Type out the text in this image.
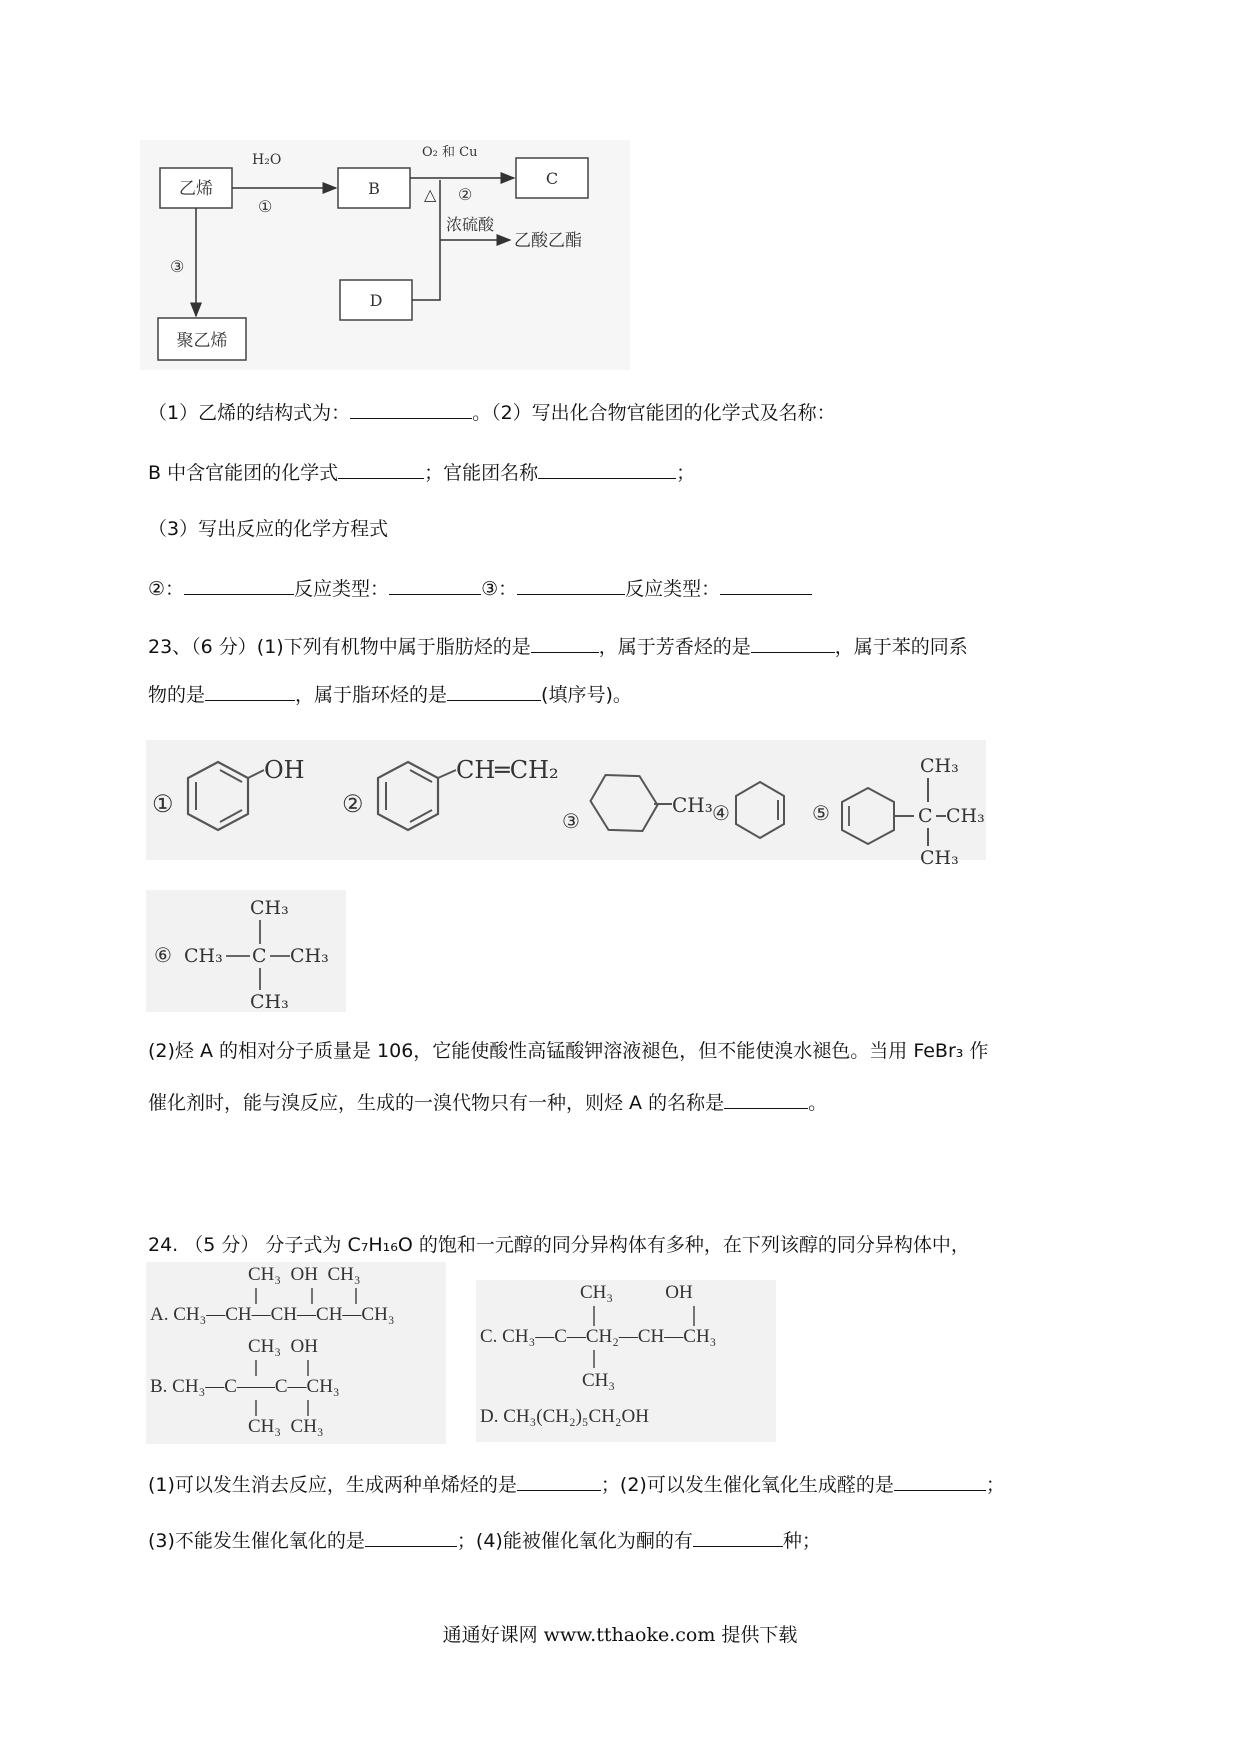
乙烯	B
C
D
聚乙烯
H₂O
①
O₂ 和 Cu
△ ②
③
浓硫酸
乙酸乙酯
（1）乙烯的结构式为：	。（2）写出化合物官能团的化学式及名称：
B 中含官能团的化学式	；官能团名称	；
（3）写出反应的化学方程式
②：	反应类型：	③：	反应类型：
23、（6 分）(1)下列有机物中属于脂肪烃的是	，属于芳香烃的是	，属于苯的同系
物的是	，属于脂环烃的是	(填序号)。
①
OH
②
CH═CH₂
③
CH₃ ④	⑤
CH₃
C CH₃
CH₃
⑥
CH₃
CH₃ C CH₃
CH₃
(2)烃 A 的相对分子质量是 106，它能使酸性高锰酸钾溶液褪色，但不能使溴水褪色。当用 FeBr₃ 作
催化剂时，能与溴反应，生成的一溴代物只有一种，则烃 A 的名称是	。
24. （5 分） 分子式为 C₇H₁₆O 的饱和一元醇的同分异构体有多种，在下列该醇的同分异构体中，
CH₃  OH  CH₃
A. CH₃—CH—CH—CH—CH₃
CH₃  OH
B. CH₃—C——C—CH₃
CH₃  CH₃
CH₃           OH
C. CH₃—C—CH₂—CH—CH₃
CH₃
D. CH₃(CH₂)₅CH₂OH
(1)可以发生消去反应，生成两种单烯烃的是	；(2)可以发生催化氧化生成醛的是	；
(3)不能发生催化氧化的是	；(4)能被催化氧化为酮的有	种；
通通好课网 www.tthaoke.com 提供下载
